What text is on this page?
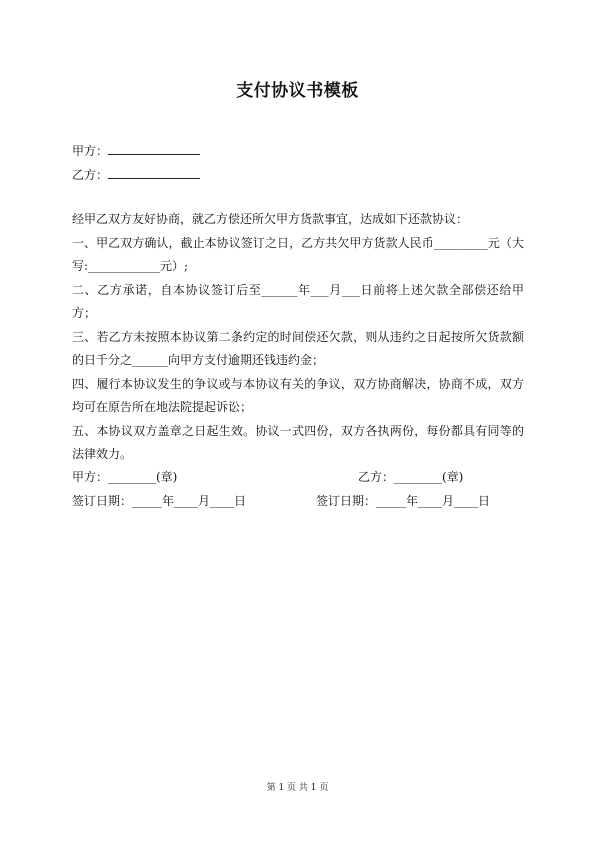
支付协议书模板
甲方：
乙方：

经甲乙双方友好协商，就乙方偿还所欠甲方货款事宜，达成如下还款协议：

一、甲乙双方确认，截止本协议签订之日，乙方共欠甲方货款人民币_________元（大写:____________元）;

二、乙方承诺，自本协议签订后至______年___月___日前将上述欠款全部偿还给甲方；

三、若乙方未按照本协议第二条约定的时间偿还欠款，则从违约之日起按所欠货款额的日千分之______向甲方支付逾期还钱违约金；

四、履行本协议发生的争议或与本协议有关的争议，双方协商解决，协商不成，双方均可在原告所在地法院提起诉讼；

五、本协议双方盖章之日起生效。协议一式四份，双方各执两份，每份都具有同等的法律效力。

甲方：________(章)	乙方：________(章)
签订日期：_____年____月____日	签订日期：_____年____月____日
第 1 页 共 1 页
